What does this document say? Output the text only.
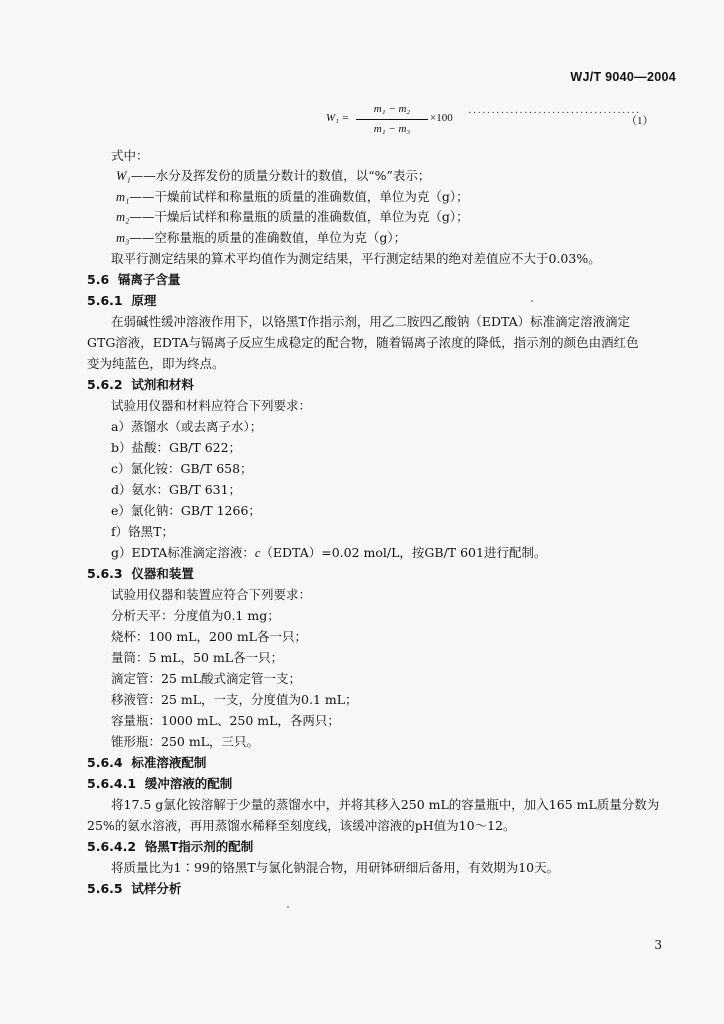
WJ/T 9040—2004
W₁ =
m₁ − m₂
m₁ − m₃
×100 ·····································
（1）
式中：
W₁——水分及挥发份的质量分数计的数值，以“%”表示；
m₁——干燥前试样和称量瓶的质量的准确数值，单位为克（g）；
m₂——干燥后试样和称量瓶的质量的准确数值，单位为克（g）；
m₃——空称量瓶的质量的准确数值，单位为克（g）；
取平行测定结果的算术平均值作为测定结果，平行测定结果的绝对差值应不大于0.03%。
5.6 镉离子含量
5.6.1 原理
在弱碱性缓冲溶液作用下，以铬黑T作指示剂，用乙二胺四乙酸钠（EDTA）标准滴定溶液滴定
GTG溶液，EDTA与镉离子反应生成稳定的配合物，随着镉离子浓度的降低，指示剂的颜色由酒红色
变为纯蓝色，即为终点。
5.6.2 试剂和材料
试验用仪器和材料应符合下列要求：
a）蒸馏水（或去离子水）；
b）盐酸：GB/T 622；
c）氯化铵：GB/T 658；
d）氨水：GB/T 631；
e）氯化钠：GB/T 1266；
f）铬黑T；
g）EDTA标准滴定溶液：c（EDTA）=0.02 mol/L，按GB/T 601进行配制。
5.6.3 仪器和装置
试验用仪器和装置应符合下列要求：
分析天平：分度值为0.1 mg；
烧杯：100 mL，200 mL各一只；
量筒：5 mL，50 mL各一只；
滴定管：25 mL酸式滴定管一支；
移液管：25 mL，一支，分度值为0.1 mL；
容量瓶：1000 mL、250 mL，各两只；
锥形瓶：250 mL，三只。
5.6.4 标准溶液配制
5.6.4.1 缓冲溶液的配制
将17.5 g氯化铵溶解于少量的蒸馏水中，并将其移入250 mL的容量瓶中，加入165 mL质量分数为
25%的氨水溶液，再用蒸馏水稀释至刻度线，该缓冲溶液的pH值为10～12。
5.6.4.2 铬黑T指示剂的配制
将质量比为1∶99的铬黑T与氯化钠混合物，用研钵研细后备用，有效期为10天。
5.6.5 试样分析
3
